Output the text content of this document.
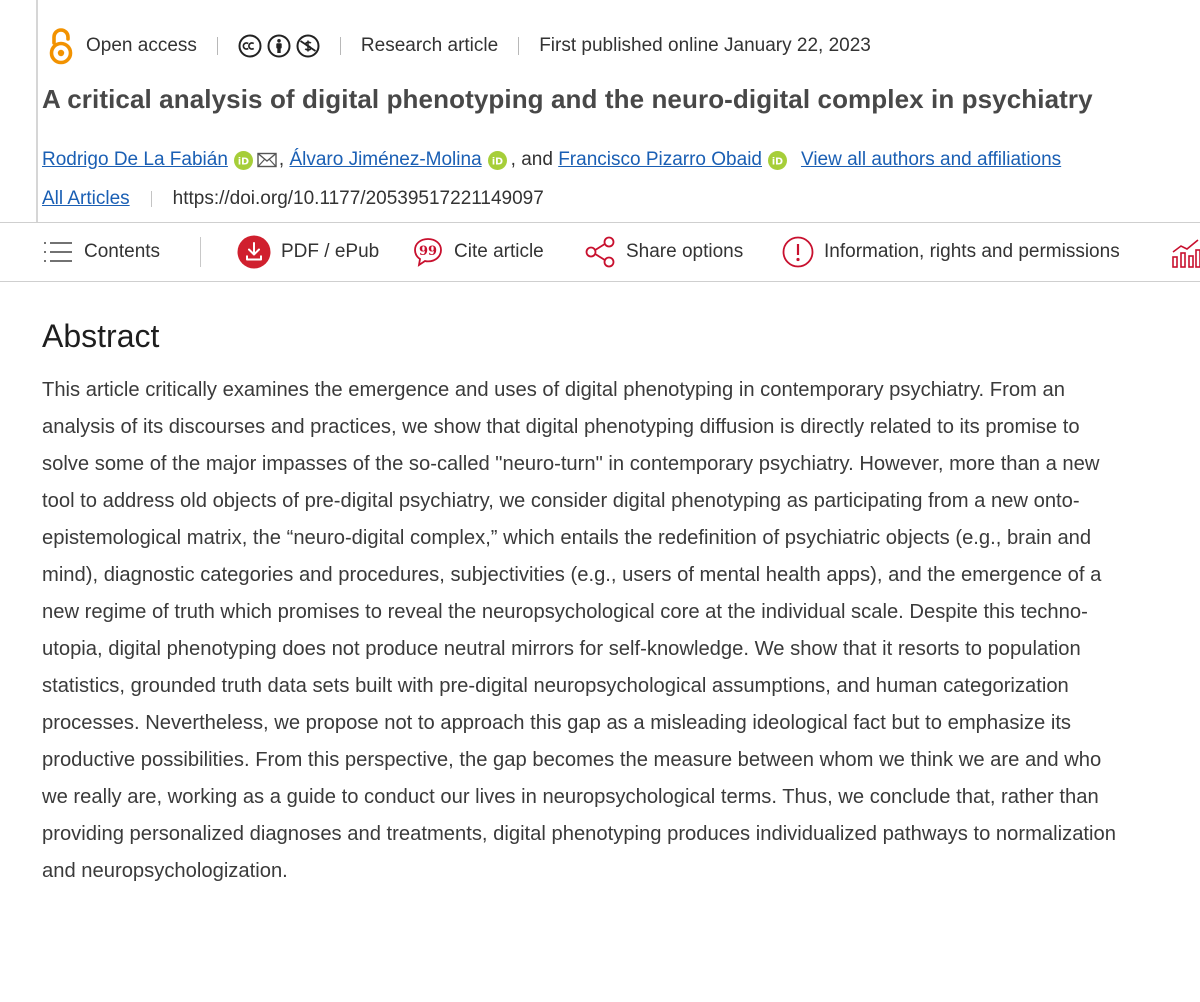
Open access	Research article First published online January 22, 2023
A critical analysis of digital phenotyping and the neuro-digital complex in psychiatry
Rodrigo De La Fabián iD ,
Álvaro Jiménez-Molina iD , and
Francisco Pizarro Obaid iD View all authors and affiliations
All Articles https://doi.org/10.1177/20539517221149097
Contents	PDF / ePub	99 Cite article	Share options	Information, rights and permissions
Abstract

This article critically examines the emergence and uses of digital phenotyping in contemporary psychiatry. From an analysis of its discourses and practices, we show that digital phenotyping diffusion is directly related to its promise to solve some of the major impasses of the so-called "neuro-turn" in contemporary psychiatry. However, more than a new tool to address old objects of pre-digital psychiatry, we consider digital phenotyping as participating from a new onto-epistemological matrix, the “neuro-digital complex,” which entails the redefinition of psychiatric objects (e.g., brain and mind), diagnostic categories and procedures, subjectivities (e.g., users of mental health apps), and the emergence of a new regime of truth which promises to reveal the neuropsychological core at the individual scale. Despite this techno-utopia, digital phenotyping does not produce neutral mirrors for self-knowledge. We show that it resorts to population statistics, grounded truth data sets built with pre-digital neuropsychological assumptions, and human categorization processes. Nevertheless, we propose not to approach this gap as a misleading ideological fact but to emphasize its productive possibilities. From this perspective, the gap becomes the measure between whom we think we are and who we really are, working as a guide to conduct our lives in neuropsychological terms. Thus, we conclude that, rather than providing personalized diagnoses and treatments, digital phenotyping produces individualized pathways to normalization and neuropsychologization.
